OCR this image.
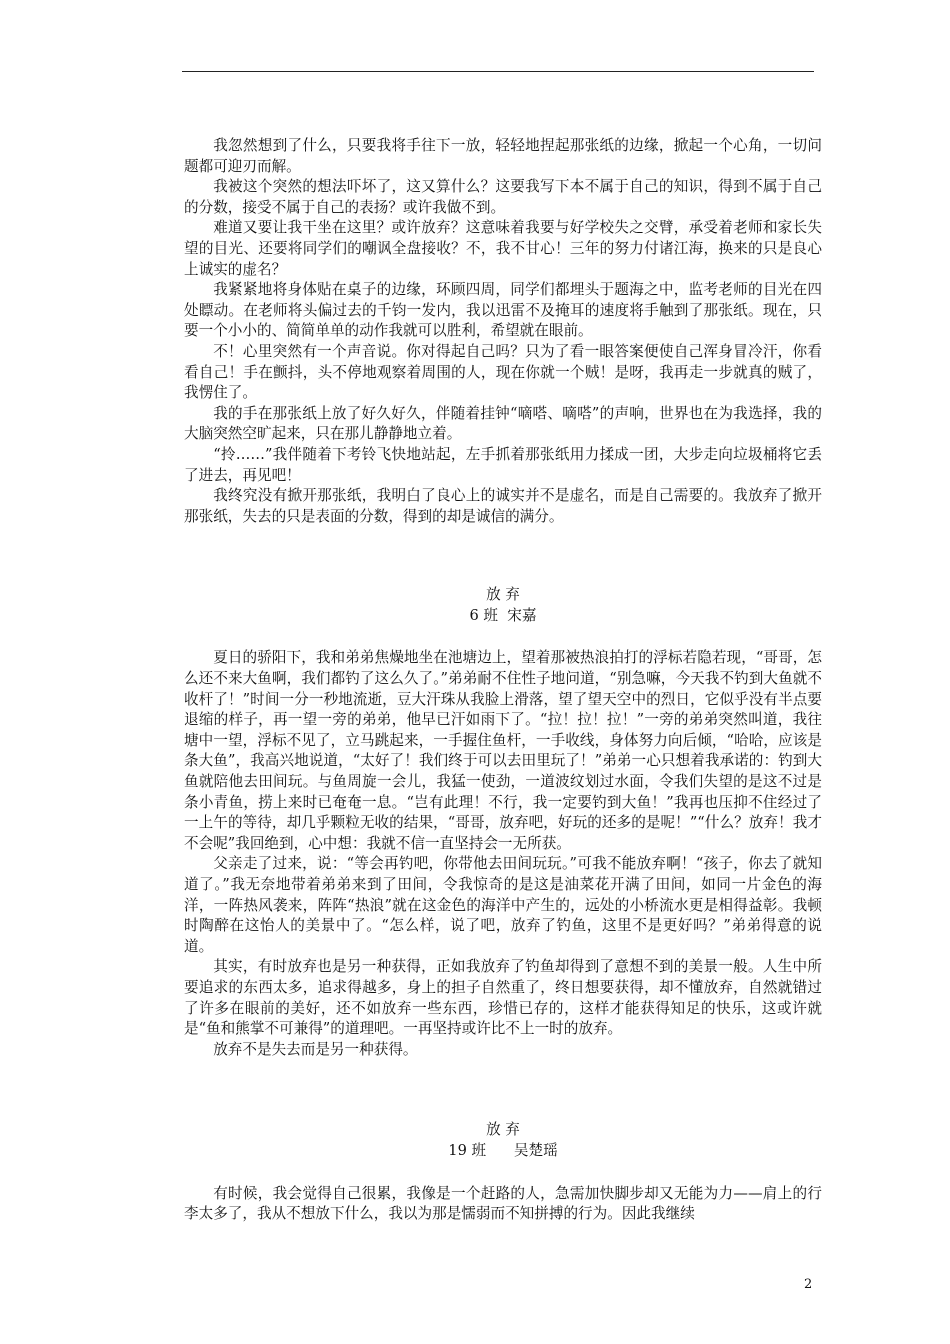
我忽然想到了什么，只要我将手往下一放，轻轻地捏起那张纸的边缘，掀起一个心角，一切问题都可迎刃而解。

我被这个突然的想法吓坏了，这又算什么？这要我写下本不属于自己的知识，得到不属于自己的分数，接受不属于自己的表扬？或许我做不到。

难道又要让我干坐在这里？或许放弃？这意味着我要与好学校失之交臂，承受着老师和家长失望的目光、还要将同学们的嘲讽全盘接收？不，我不甘心！三年的努力付诸江海，换来的只是良心上诚实的虚名？

我紧紧地将身体贴在桌子的边缘，环顾四周，同学们都埋头于题海之中，监考老师的目光在四处瞟动。在老师将头偏过去的千钧一发内，我以迅雷不及掩耳的速度将手触到了那张纸。现在，只要一个小小的、简简单单的动作我就可以胜利，希望就在眼前。

不！心里突然有一个声音说。你对得起自己吗？只为了看一眼答案便使自己浑身冒冷汗，你看看自己！手在颤抖，头不停地观察着周围的人，现在你就一个贼！是呀，我再走一步就真的贼了，我愣住了。

我的手在那张纸上放了好久好久，伴随着挂钟“嘀嗒、嘀嗒”的声响，世界也在为我选择，我的大脑突然空旷起来，只在那儿静静地立着。

“拎……”我伴随着下考铃飞快地站起，左手抓着那张纸用力揉成一团，大步走向垃圾桶将它丢了进去，再见吧！

我终究没有掀开那张纸，我明白了良心上的诚实并不是虚名，而是自己需要的。我放弃了掀开那张纸，失去的只是表面的分数，得到的却是诚信的满分。

放 弃
6 班  宋嘉

夏日的骄阳下，我和弟弟焦燥地坐在池塘边上，望着那被热浪拍打的浮标若隐若现，“哥哥，怎么还不来大鱼啊，我们都钓了这么久了。”弟弟耐不住性子地问道，“别急嘛，今天我不钓到大鱼就不收杆了！”时间一分一秒地流逝，豆大汗珠从我脸上滑落，望了望天空中的烈日，它似乎没有半点要退缩的样子，再一望一旁的弟弟，他早已汗如雨下了。“拉！拉！拉！”一旁的弟弟突然叫道，我往塘中一望，浮标不见了，立马跳起来，一手握住鱼杆，一手收线，身体努力向后倾，“哈哈，应该是条大鱼”，我高兴地说道，“太好了！我们终于可以去田里玩了！”弟弟一心只想着我承诺的：钓到大鱼就陪他去田间玩。与鱼周旋一会儿，我猛一使劲，一道波纹划过水面，令我们失望的是这不过是条小青鱼，捞上来时已奄奄一息。“岂有此理！不行，我一定要钓到大鱼！”我再也压抑不住经过了一上午的等待，却几乎颗粒无收的结果，“哥哥，放弃吧，好玩的还多的是呢！”“什么？放弃！我才不会呢”我回绝到，心中想：我就不信一直坚持会一无所获。

父亲走了过来，说：“等会再钓吧，你带他去田间玩玩。”可我不能放弃啊！“孩子，你去了就知道了。”我无奈地带着弟弟来到了田间，令我惊奇的是这是油菜花开满了田间，如同一片金色的海洋，一阵热风袭来，阵阵“热浪”就在这金色的海洋中产生的，远处的小桥流水更是相得益彰。我顿时陶醉在这怡人的美景中了。“怎么样，说了吧，放弃了钓鱼，这里不是更好吗？”弟弟得意的说道。

其实，有时放弃也是另一种获得，正如我放弃了钓鱼却得到了意想不到的美景一般。人生中所要追求的东西太多，追求得越多，身上的担子自然重了，终日想要获得，却不懂放弃，自然就错过了许多在眼前的美好，还不如放弃一些东西，珍惜已存的，这样才能获得知足的快乐，这或许就是“鱼和熊掌不可兼得”的道理吧。一再坚持或许比不上一时的放弃。

放弃不是失去而是另一种获得。

放 弃
19 班      吴楚瑶

有时候，我会觉得自己很累，我像是一个赶路的人，急需加快脚步却又无能为力——肩上的行李太多了，我从不想放下什么，我以为那是懦弱而不知拼搏的行为。因此我继续

2
